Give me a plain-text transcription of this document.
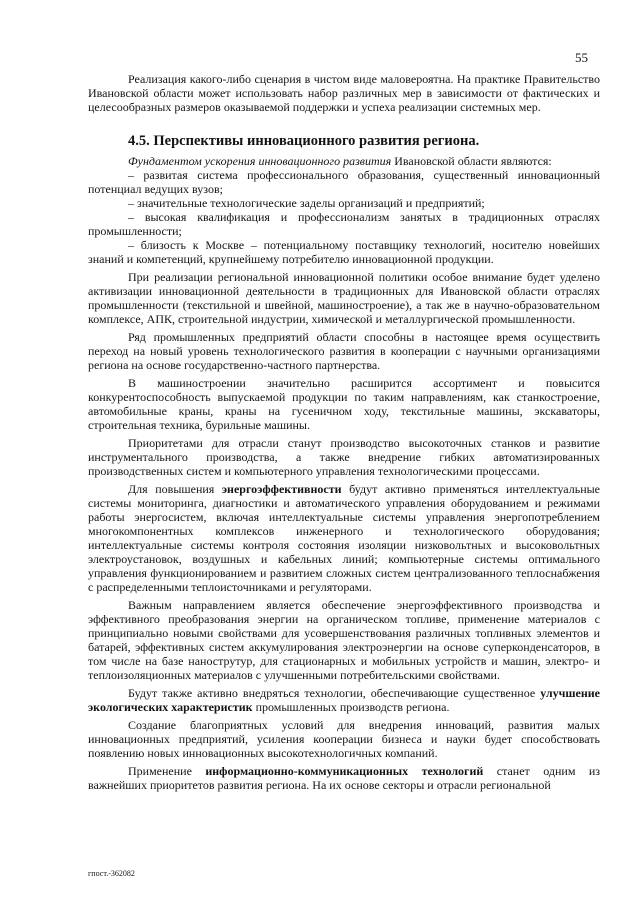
55

Реализация какого-либо сценария в чистом виде маловероятна. На практике Правительство Ивановской области может использовать набор различных мер в зависимости от фактических и целесообразных размеров оказываемой поддержки и успеха реализации системных мер.

4.5. Перспективы инновационного развития региона.

Фундаментом ускорения инновационного развития Ивановской области являются:

– развитая система профессионального образования, существенный инновационный потенциал ведущих вузов;

– значительные технологические заделы организаций и предприятий;

– высокая квалификация и профессионализм занятых в традиционных отраслях промышленности;

– близость к Москве – потенциальному поставщику технологий, носителю новейших знаний и компетенций, крупнейшему потребителю инновационной продукции.

При реализации региональной инновационной политики особое внимание будет уделено активизации инновационной деятельности в традиционных для Ивановской области отраслях промышленности (текстильной и швейной, машиностроение), а так же в научно-образовательном комплексе, АПК, строительной индустрии, химической и металлургической промышленности.

Ряд промышленных предприятий области способны в настоящее время осуществить переход на новый уровень технологического развития в кооперации с научными организациями региона на основе государственно-частного партнерства.

В машиностроении значительно расширится ассортимент и повысится конкурентоспособность выпускаемой продукции по таким направлениям, как станкостроение, автомобильные краны, краны на гусеничном ходу, текстильные машины, экскаваторы, строительная техника, бурильные машины.

Приоритетами для отрасли станут производство высокоточных станков и развитие инструментального производства, а также внедрение гибких автоматизированных производственных систем и компьютерного управления технологическими процессами.

Для повышения энергоэффективности будут активно применяться интеллектуальные системы мониторинга, диагностики и автоматического управления оборудованием и режимами работы энергосистем, включая интеллектуальные системы управления энергопотреблением многокомпонентных комплексов инженерного и технологического оборудования; интеллектуальные системы контроля состояния изоляции низковольтных и высоковольтных электроустановок, воздушных и кабельных линий; компьютерные системы оптимального управления функционированием и развитием сложных систем централизованного теплоснабжения с распределенными теплоисточниками и регуляторами.

Важным направлением является обеспечение энергоэффективного производства и эффективного преобразования энергии на органическом топливе, применение материалов с принципиально новыми свойствами для усовершенствования различных топливных элементов и батарей, эффективных систем аккумулирования электроэнергии на основе суперконденсаторов, в том числе на базе нанострутур, для стационарных и мобильных устройств и машин, электро- и теплоизоляционных материалов с улучшенными потребительскими свойствами.

Будут также активно внедряться технологии, обеспечивающие существенное улучшение экологических характеристик промышленных производств региона.

Создание благоприятных условий для внедрения инноваций, развития малых инновационных предприятий, усиления кооперации бизнеса и науки будет способствовать появлению новых инновационных высокотехнологичных компаний.

Применение информационно-коммуникационных технологий станет одним из важнейших приоритетов развития региона. На их основе секторы и отрасли региональной

гпост.-362082
